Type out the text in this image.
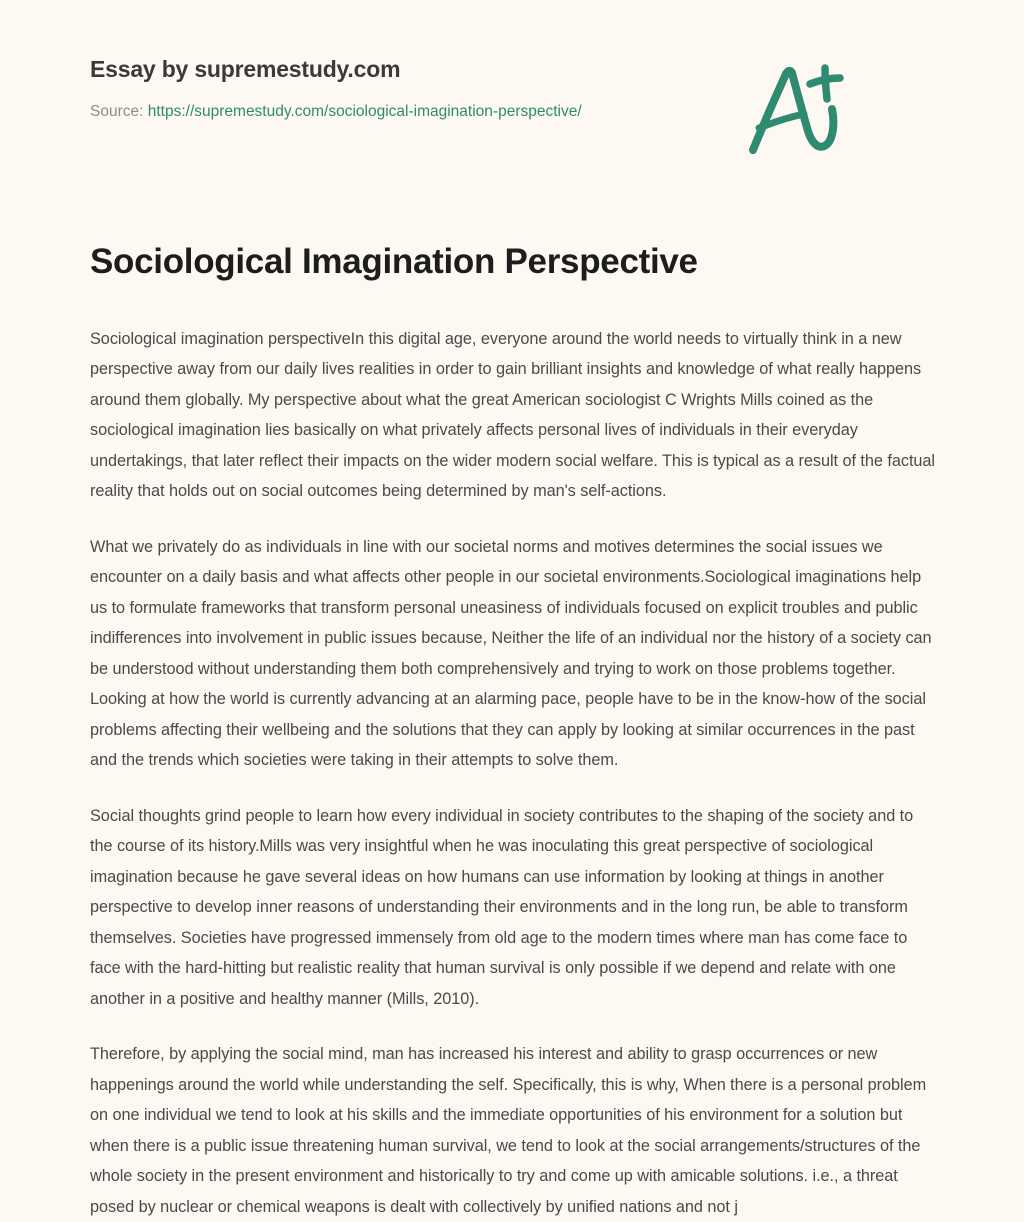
Essay by supremestudy.com
Source: https://supremestudy.com/sociological-imagination-perspective/
Sociological Imagination Perspective

Sociological imagination perspectiveIn this digital age, everyone around the world needs to virtually think in a new perspective away from our daily lives realities in order to gain brilliant insights and knowledge of what really happens around them globally. My perspective about what the great American sociologist C Wrights Mills coined as the sociological imagination lies basically on what privately affects personal lives of individuals in their everyday undertakings, that later reflect their impacts on the wider modern social welfare. This is typical as a result of the factual reality that holds out on social outcomes being determined by man's self-actions.

What we privately do as individuals in line with our societal norms and motives determines the social issues we encounter on a daily basis and what affects other people in our societal environments.Sociological imaginations help us to formulate frameworks that transform personal uneasiness of individuals focused on explicit troubles and public indifferences into involvement in public issues because, Neither the life of an individual nor the history of a society can be understood without understanding them both comprehensively and trying to work on those problems together. Looking at how the world is currently advancing at an alarming pace, people have to be in the know-how of the social problems affecting their wellbeing and the solutions that they can apply by looking at similar occurrences in the past and the trends which societies were taking in their attempts to solve them.

Social thoughts grind people to learn how every individual in society contributes to the shaping of the society and to the course of its history.Mills was very insightful when he was inoculating this great perspective of sociological imagination because he gave several ideas on how humans can use information by looking at things in another perspective to develop inner reasons of understanding their environments and in the long run, be able to transform themselves. Societies have progressed immensely from old age to the modern times where man has come face to face with the hard-hitting but realistic reality that human survival is only possible if we depend and relate with one another in a positive and healthy manner (Mills, 2010).

Therefore, by applying the social mind, man has increased his interest and ability to grasp occurrences or new happenings around the world while understanding the self. Specifically, this is why, When there is a personal problem on one individual we tend to look at his skills and the immediate opportunities of his environment for a solution but when there is a public issue threatening human survival, we tend to look at the social arrangements/structures of the whole society in the present environment and historically to try and come up with amicable solutions. i.e., a threat posed by nuclear or chemical weapons is dealt with collectively by unified nations and not j
